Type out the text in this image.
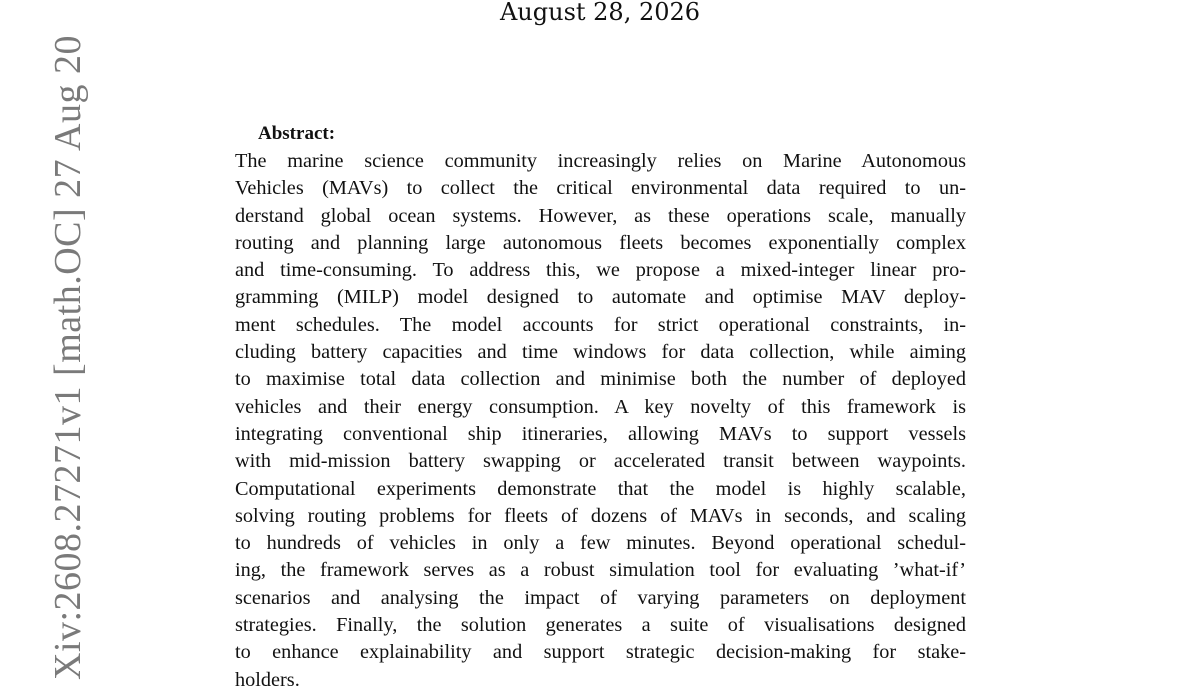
August 28, 2026
Xiv:2608.27271v1 [math.OC] 27 Aug 20	Abstract:
The marine science community increasingly relies on Marine Autonomous
Vehicles (MAVs) to collect the critical environmental data required to un-
derstand global ocean systems. However, as these operations scale, manually
routing and planning large autonomous fleets becomes exponentially complex
and time-consuming. To address this, we propose a mixed-integer linear pro-
gramming (MILP) model designed to automate and optimise MAV deploy-
ment schedules. The model accounts for strict operational constraints, in-
cluding battery capacities and time windows for data collection, while aiming
to maximise total data collection and minimise both the number of deployed
vehicles and their energy consumption. A key novelty of this framework is
integrating conventional ship itineraries, allowing MAVs to support vessels
with mid-mission battery swapping or accelerated transit between waypoints.
Computational experiments demonstrate that the model is highly scalable,
solving routing problems for fleets of dozens of MAVs in seconds, and scaling
to hundreds of vehicles in only a few minutes. Beyond operational schedul-
ing, the framework serves as a robust simulation tool for evaluating ’what-if’
scenarios and analysing the impact of varying parameters on deployment
strategies. Finally, the solution generates a suite of visualisations designed
to enhance explainability and support strategic decision-making for stake-
holders.
